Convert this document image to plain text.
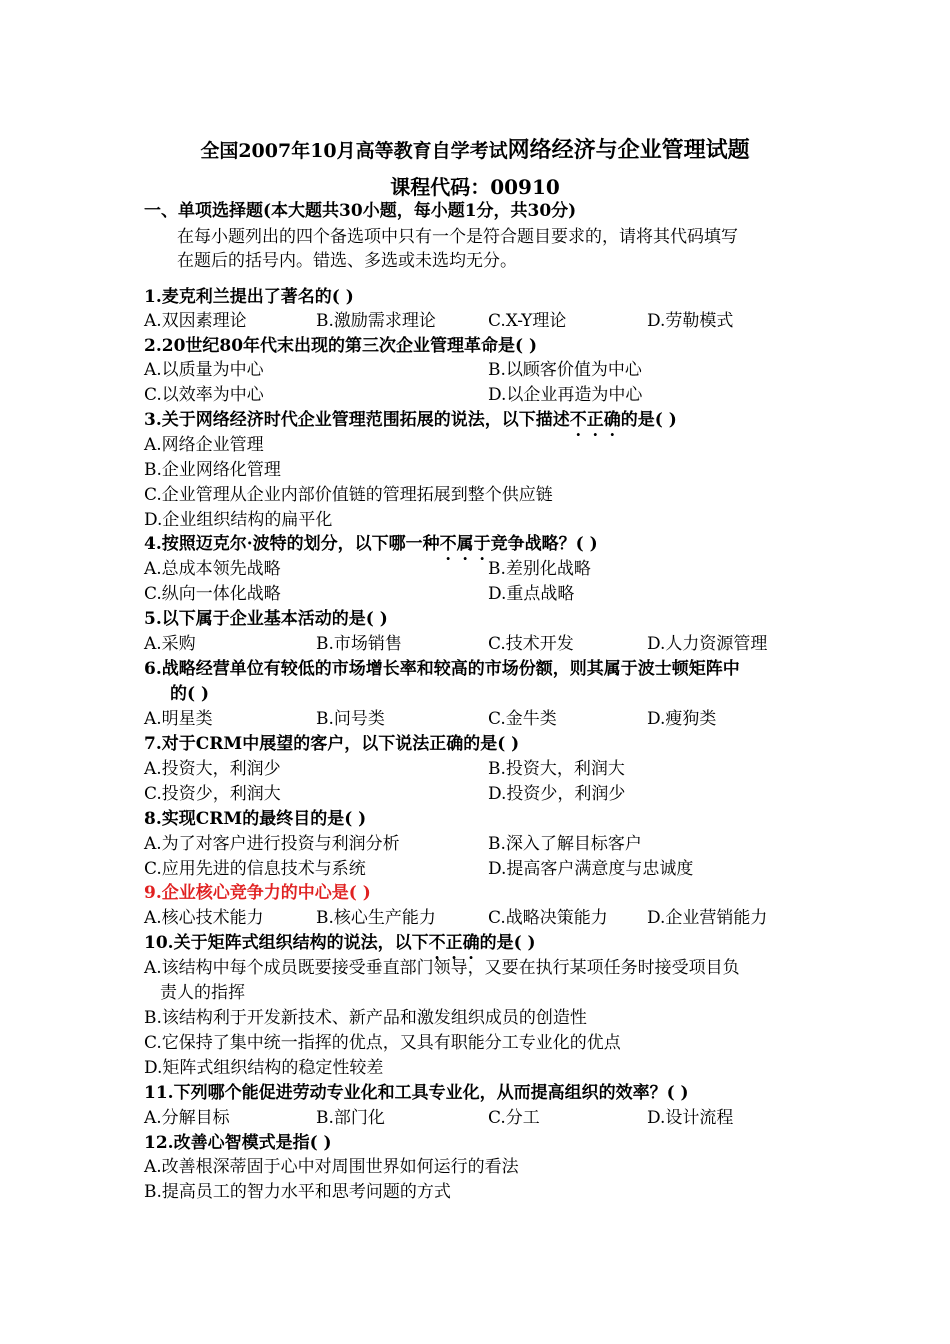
全国2007年10月高等教育自学考试网络经济与企业管理试题
课程代码：00910
一、单项选择题(本大题共30小题，每小题1分，共30分)
在每小题列出的四个备选项中只有一个是符合题目要求的，请将其代码填写
在题后的括号内。错选、多选或未选均无分。
1.麦克利兰提出了著名的( )
A.双因素理论	B.激励需求理论	C.X-Y理论	D.劳勒模式
2.20世纪80年代末出现的第三次企业管理革命是( )
A.以质量为中心	B.以顾客价值为中心
C.以效率为中心	D.以企业再造为中心
3.关于网络经济时代企业管理范围拓展的说法，以下描述不正确的是( )
A.网络企业管理
B.企业网络化管理
C.企业管理从企业内部价值链的管理拓展到整个供应链
D.企业组织结构的扁平化
4.按照迈克尔·波特的划分，以下哪一种不属于竞争战略？( )
A.总成本领先战略	B.差别化战略
C.纵向一体化战略	D.重点战略
5.以下属于企业基本活动的是( )
A.采购	B.市场销售	C.技术开发	D.人力资源管理
6.战略经营单位有较低的市场增长率和较高的市场份额，则其属于波士顿矩阵中
的( )
A.明星类	B.问号类	C.金牛类	D.瘦狗类
7.对于CRM中展望的客户，以下说法正确的是( )
A.投资大，利润少	B.投资大，利润大
C.投资少，利润大	D.投资少，利润少
8.实现CRM的最终目的是( )
A.为了对客户进行投资与利润分析	B.深入了解目标客户
C.应用先进的信息技术与系统	D.提高客户满意度与忠诚度
9.企业核心竞争力的中心是( )
A.核心技术能力	B.核心生产能力	C.战略决策能力 D.企业营销能力
10.关于矩阵式组织结构的说法，以下不正确的是( )
A.该结构中每个成员既要接受垂直部门领导，又要在执行某项任务时接受项目负
责人的指挥
B.该结构利于开发新技术、新产品和激发组织成员的创造性
C.它保持了集中统一指挥的优点，又具有职能分工专业化的优点
D.矩阵式组织结构的稳定性较差
11.下列哪个能促进劳动专业化和工具专业化，从而提高组织的效率？( )
A.分解目标	B.部门化	C.分工	D.设计流程
12.改善心智模式是指( )
A.改善根深蒂固于心中对周围世界如何运行的看法
B.提高员工的智力水平和思考问题的方式
